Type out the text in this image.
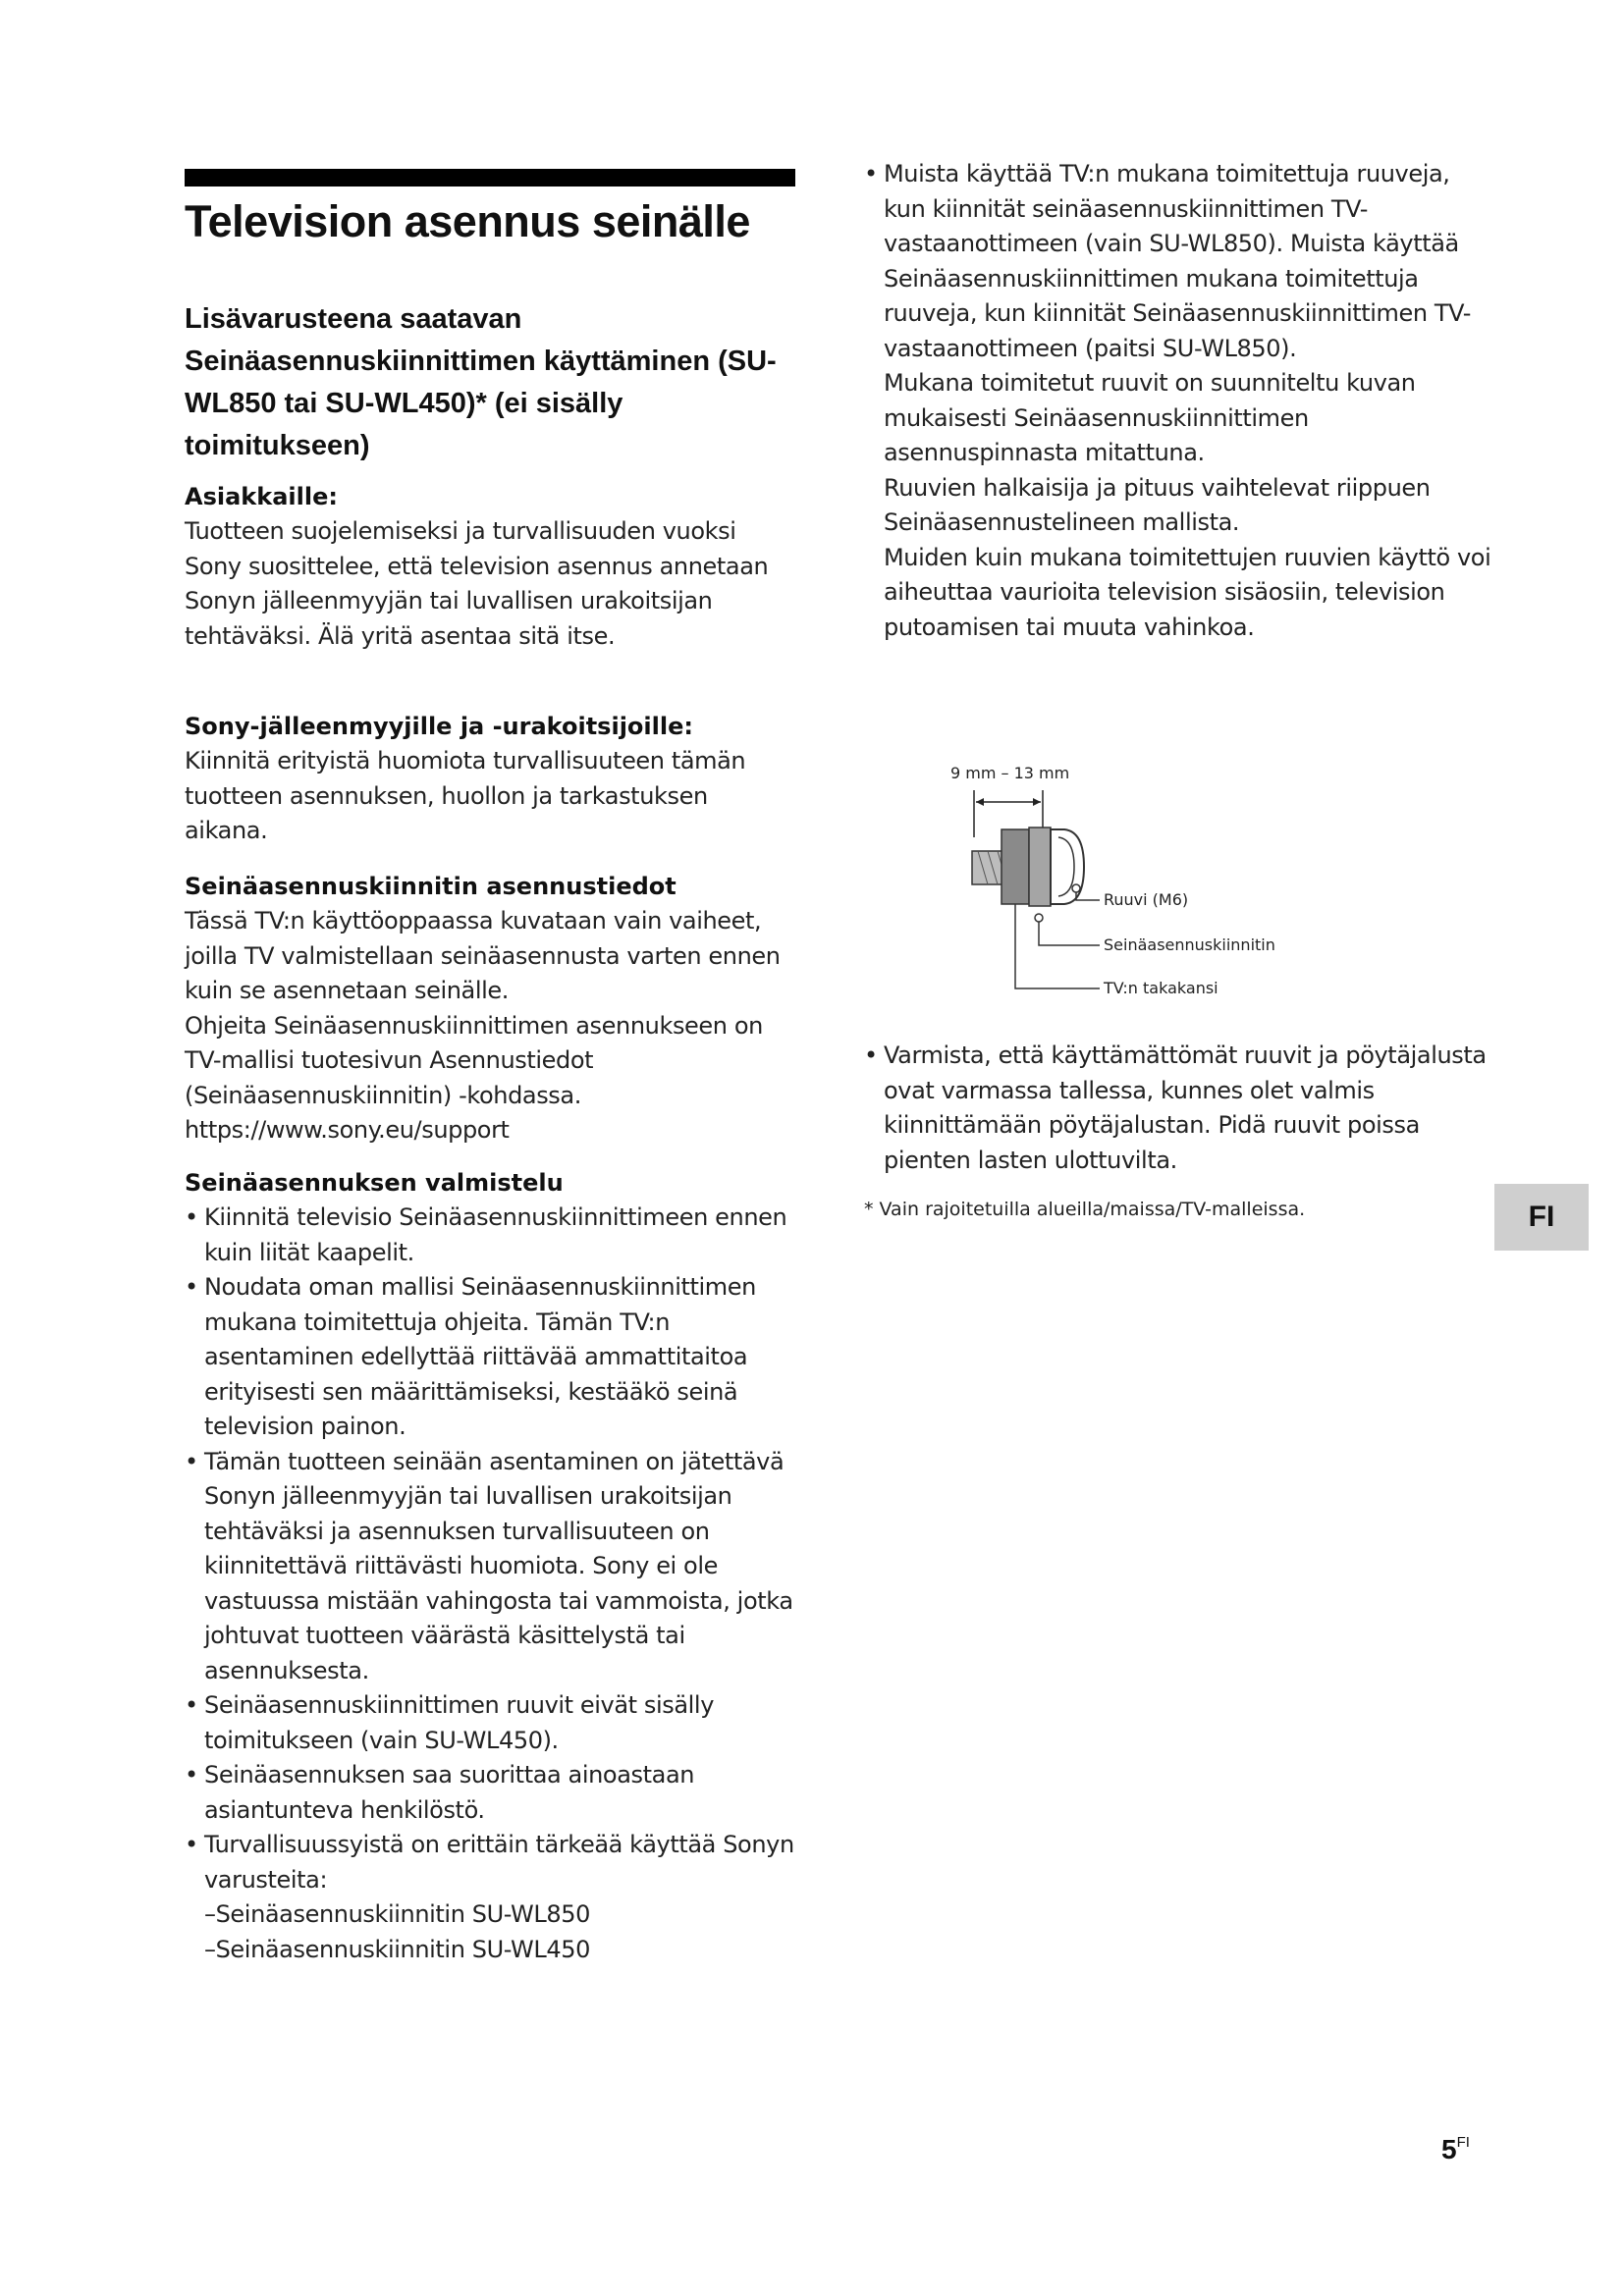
Television asennus seinälle
Lisävarusteena saatavan Seinäasennuskiinnittimen käyttäminen (SU-WL850 tai SU-WL450)* (ei sisälly toimitukseen)
Asiakkaille:

Tuotteen suojelemiseksi ja turvallisuuden vuoksi Sony suosittelee, että television asennus annetaan Sonyn jälleenmyyjän tai luvallisen urakoitsijan tehtäväksi. Älä yritä asentaa sitä itse.

Sony-jälleenmyyjille ja -urakoitsijoille:

Kiinnitä erityistä huomiota turvallisuuteen tämän tuotteen asennuksen, huollon ja tarkastuksen aikana.

Seinäasennuskiinnitin asennustiedot

Tässä TV:n käyttöoppaassa kuvataan vain vaiheet, joilla TV valmistellaan seinäasennusta varten ennen kuin se asennetaan seinälle.

Ohjeita Seinäasennuskiinnittimen asennukseen on TV-mallisi tuotesivun Asennustiedot (Seinäasennuskiinnitin) -kohdassa.

https://www.sony.eu/support

Seinäasennuksen valmistelu
• Kiinnitä televisio Seinäasennuskiinnittimeen ennen kuin liität kaapelit.
• Noudata oman mallisi Seinäasennuskiinnittimen mukana toimitettuja ohjeita. Tämän TV:n asentaminen edellyttää riittävää ammattitaitoa erityisesti sen määrittämiseksi, kestääkö seinä television painon.
• Tämän tuotteen seinään asentaminen on jätettävä Sonyn jälleenmyyjän tai luvallisen urakoitsijan tehtäväksi ja asennuksen turvallisuuteen on kiinnitettävä riittävästi huomiota. Sony ei ole vastuussa mistään vahingosta tai vammoista, jotka johtuvat tuotteen väärästä käsittelystä tai asennuksesta.
• Seinäasennuskiinnittimen ruuvit eivät sisälly toimitukseen (vain SU-WL450).
• Seinäasennuksen saa suorittaa ainoastaan asiantunteva henkilöstö.
• Turvallisuussyistä on erittäin tärkeää käyttää Sonyn varusteita:
–Seinäasennuskiinnitin SU-WL850
–Seinäasennuskiinnitin SU-WL450
• Muista käyttää TV:n mukana toimitettuja ruuveja, kun kiinnität seinäasennuskiinnittimen TV-vastaanottimeen (vain SU-WL850). Muista käyttää Seinäasennuskiinnittimen mukana toimitettuja ruuveja, kun kiinnität Seinäasennuskiinnittimen TV-vastaanottimeen (paitsi SU-WL850).

Mukana toimitetut ruuvit on suunniteltu kuvan mukaisesti Seinäasennuskiinnittimen asennuspinnasta mitattuna.

Ruuvien halkaisija ja pituus vaihtelevat riippuen Seinäasennustelineen mallista.

Muiden kuin mukana toimitettujen ruuvien käyttö voi aiheuttaa vaurioita television sisäosiin, television putoamisen tai muuta vahinkoa.

9 mm – 13 mm
Ruuvi (M6)
Seinäasennuskiinnitin
TV:n takakansi
• Varmista, että käyttämättömät ruuvit ja pöytäjalusta ovat varmassa tallessa, kunnes olet valmis kiinnittämään pöytäjalustan. Pidä ruuvit poissa pienten lasten ulottuvilta.
* Vain rajoitetuilla alueilla/maissa/TV-malleissa.	FI
$5^{FI}$
